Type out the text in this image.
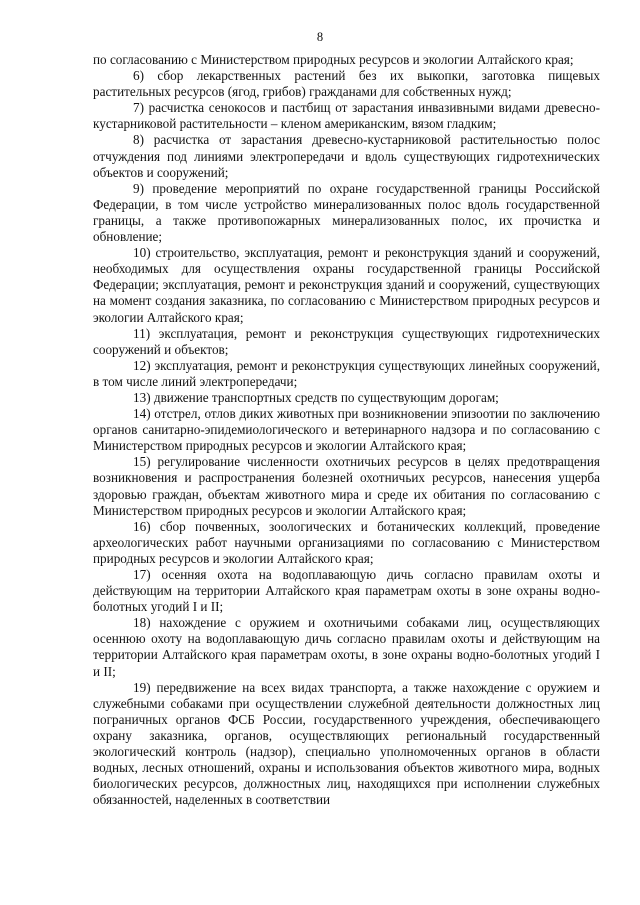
8

по согласованию с Министерством природных ресурсов и экологии Алтайского края;

6) сбор лекарственных растений без их выкопки, заготовка пищевых растительных ресурсов (ягод, грибов) гражданами для собственных нужд;

7) расчистка сенокосов и пастбищ от зарастания инвазивными видами древесно-кустарниковой растительности – кленом американским, вязом гладким;

8) расчистка от зарастания древесно-кустарниковой растительностью полос отчуждения под линиями электропередачи и вдоль существующих гидротехнических объектов и сооружений;

9) проведение мероприятий по охране государственной границы Российской Федерации, в том числе устройство минерализованных полос вдоль государственной границы, а также противопожарных минерализованных полос, их прочистка и обновление;

10) строительство, эксплуатация, ремонт и реконструкция зданий и сооружений, необходимых для осуществления охраны государственной границы Российской Федерации; эксплуатация, ремонт и реконструкция зданий и сооружений, существующих на момент создания заказника, по согласованию с Министерством природных ресурсов и экологии Алтайского края;

11) эксплуатация, ремонт и реконструкция существующих гидротехнических сооружений и объектов;

12) эксплуатация, ремонт и реконструкция существующих линейных сооружений, в том числе линий электропередачи;

13) движение транспортных средств по существующим дорогам;

14) отстрел, отлов диких животных при возникновении эпизоотии по заключению органов санитарно-эпидемиологического и ветеринарного надзора и по согласованию с Министерством природных ресурсов и экологии Алтайского края;

15) регулирование численности охотничьих ресурсов в целях предотвращения возникновения и распространения болезней охотничьих ресурсов, нанесения ущерба здоровью граждан, объектам животного мира и среде их обитания по согласованию с Министерством природных ресурсов и экологии Алтайского края;

16) сбор почвенных, зоологических и ботанических коллекций, проведение археологических работ научными организациями по согласованию с Министерством природных ресурсов и экологии Алтайского края;

17) осенняя охота на водоплавающую дичь согласно правилам охоты и действующим на территории Алтайского края параметрам охоты в зоне охраны водно-болотных угодий I и II;

18) нахождение с оружием и охотничьими собаками лиц, осуществляющих осеннюю охоту на водоплавающую дичь согласно правилам охоты и действующим на территории Алтайского края параметрам охоты, в зоне охраны водно-болотных угодий I и II;

19) передвижение на всех видах транспорта, а также нахождение с оружием и служебными собаками при осуществлении служебной деятельности должностных лиц пограничных органов ФСБ России, государственного учреждения, обеспечивающего охрану заказника, органов, осуществляющих региональный государственный экологический контроль (надзор), специально уполномоченных органов в области водных, лесных отношений, охраны и использования объектов животного мира, водных биологических ресурсов, должностных лиц, находящихся при исполнении служебных обязанностей, наделенных в соответствии
